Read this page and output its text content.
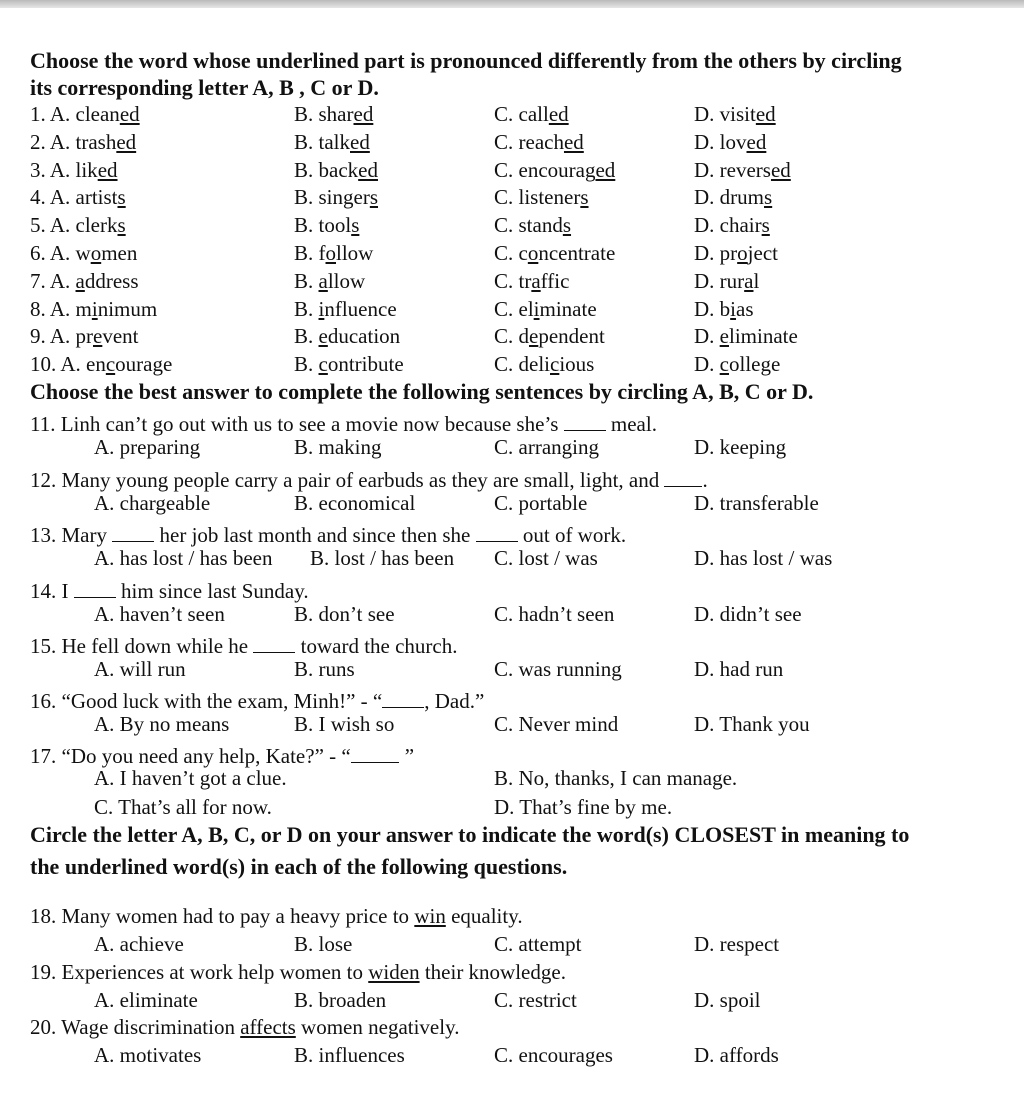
Choose the word whose underlined part is pronounced differently from the others by circling
its corresponding letter A, B , C or D.
1. A. cleaned	B. shared	C. called	D. visited
2. A. trashed	B. talked	C. reached	D. loved
3. A. liked	B. backed	C. encouraged	D. reversed
4. A. artists	B. singers	C. listeners	D. drums
5. A. clerks	B. tools	C. stands	D. chairs
6. A. women	B. follow	C. concentrate	D. project
7. A. address	B. allow	C. traffic	D. rural
8. A. minimum	B. influence	C. eliminate	D. bias
9. A. prevent	B. education	C. dependent	D. eliminate
10. A. encourage	B. contribute	C. delicious	D. college
Choose the best answer to complete the following sentences by circling A, B, C or D.
11. Linh can’t go out with us to see a movie now because she’s  meal.
A. preparing	B. making	C. arranging	D. keeping
12. Many young people carry a pair of earbuds as they are small, light, and .
A. chargeable	B. economical	C. portable	D. transferable
13. Mary  her job last month and since then she  out of work.
A. has lost / has been B. lost / has been C. lost / was	D. has lost / was
14. I  him since last Sunday.
A. haven’t seen	B. don’t see	C. hadn’t seen	D. didn’t see
15. He fell down while he  toward the church.
A. will run	B. runs	C. was running	D. had run
16. “Good luck with the exam, Minh!” - “ , Dad.”
A. By no means	B. I wish so	C. Never mind	D. Thank you
17. “Do you need any help, Kate?” - “	”
A. I haven’t got a clue.	B. No, thanks, I can manage.
C. That’s all for now.	D. That’s fine by me.
Circle the letter A, B, C, or D on your answer to indicate the word(s) CLOSEST in meaning to
the underlined word(s) in each of the following questions.
18. Many women had to pay a heavy price to win equality.
A. achieve	B. lose	C. attempt	D. respect
19. Experiences at work help women to widen their knowledge.
A. eliminate	B. broaden	C. restrict	D. spoil
20. Wage discrimination affects women negatively.
A. motivates	B. influences	C. encourages	D. affords
